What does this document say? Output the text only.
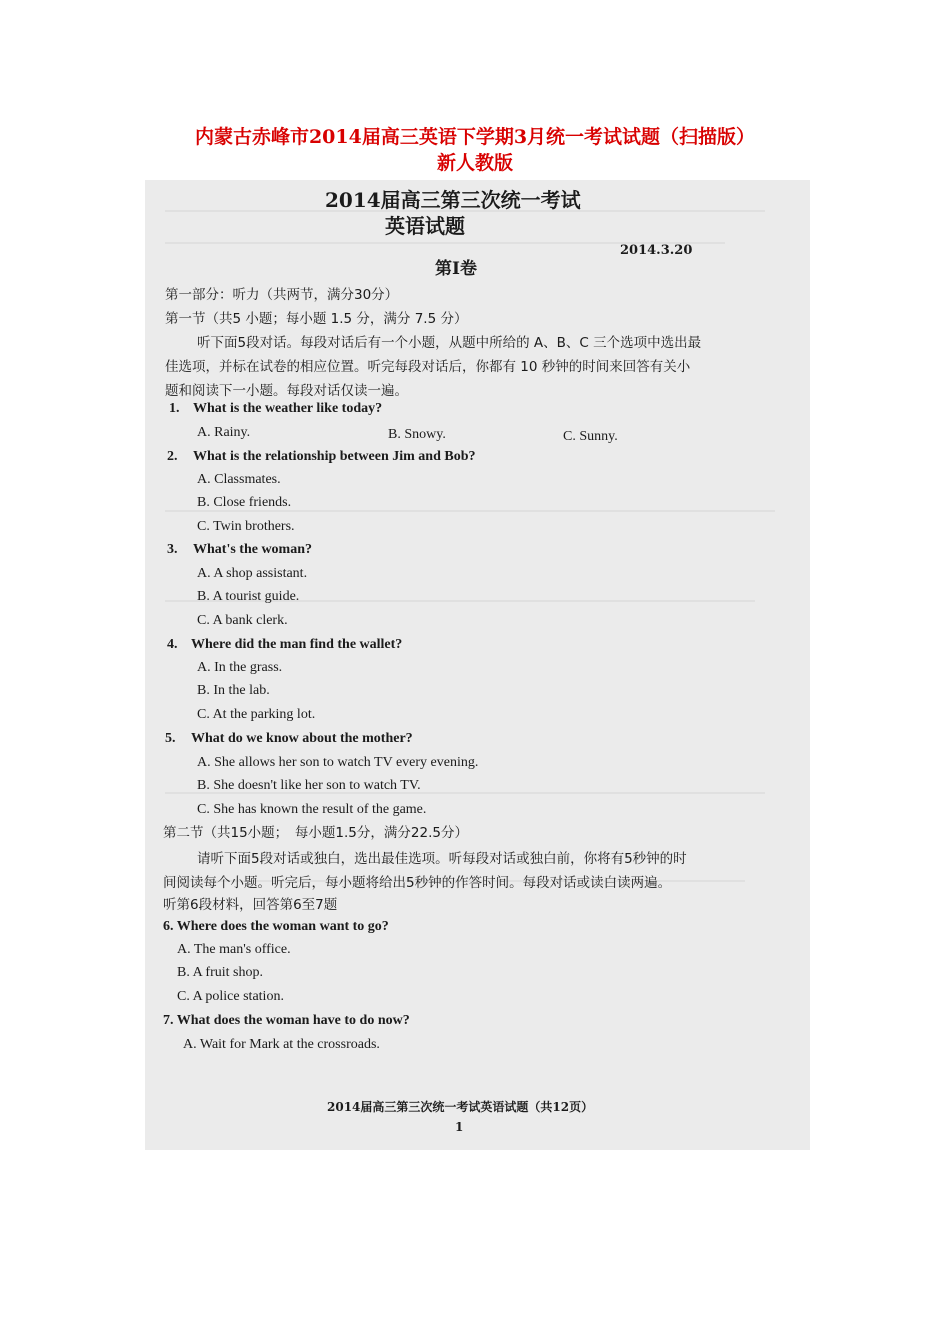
内蒙古赤峰市2014届高三英语下学期3月统一考试试题（扫描版）
新人教版
2014届高三第三次统一考试
英语试题
2014.3.20
第Ⅰ卷
第一部分：听力（共两节，满分30分）
第一节（共5 小题；每小题 1.5 分，满分 7.5 分）
听下面5段对话。每段对话后有一个小题，从题中所给的 A、B、C 三个选项中选出最
佳选项，并标在试卷的相应位置。听完每段对话后，你都有 10 秒钟的时间来回答有关小
题和阅读下一小题。每段对话仅读一遍。
1. What is the weather like today?
A. Rainy.	B. Snowy.	C. Sunny.
2. What is the relationship between Jim and Bob?
A. Classmates.
B. Close friends.
C. Twin brothers.
3. What's the woman?
A. A shop assistant.
B. A tourist guide.
C. A bank clerk.
4. Where did the man find the wallet?
A. In the grass.
B. In the lab.
C. At the parking lot.
5. What do we know about the mother?
A. She allows her son to watch TV every evening.
B. She doesn't like her son to watch TV.
C. She has known the result of the game.
第二节（共15小题；　每小题1.5分，满分22.5分）
请听下面5段对话或独白，选出最佳选项。听每段对话或独白前，你将有5秒钟的时
间阅读每个小题。听完后，每小题将给出5秒钟的作答时间。每段对话或读白读两遍。
听第6段材料，回答第6至7题
6. Where does the woman want to go?
A. The man's office.
B. A fruit shop.
C. A police station.
7. What does the woman have to do now?
A. Wait for Mark at the crossroads.
2014届高三第三次统一考试英语试题（共12页）
1
